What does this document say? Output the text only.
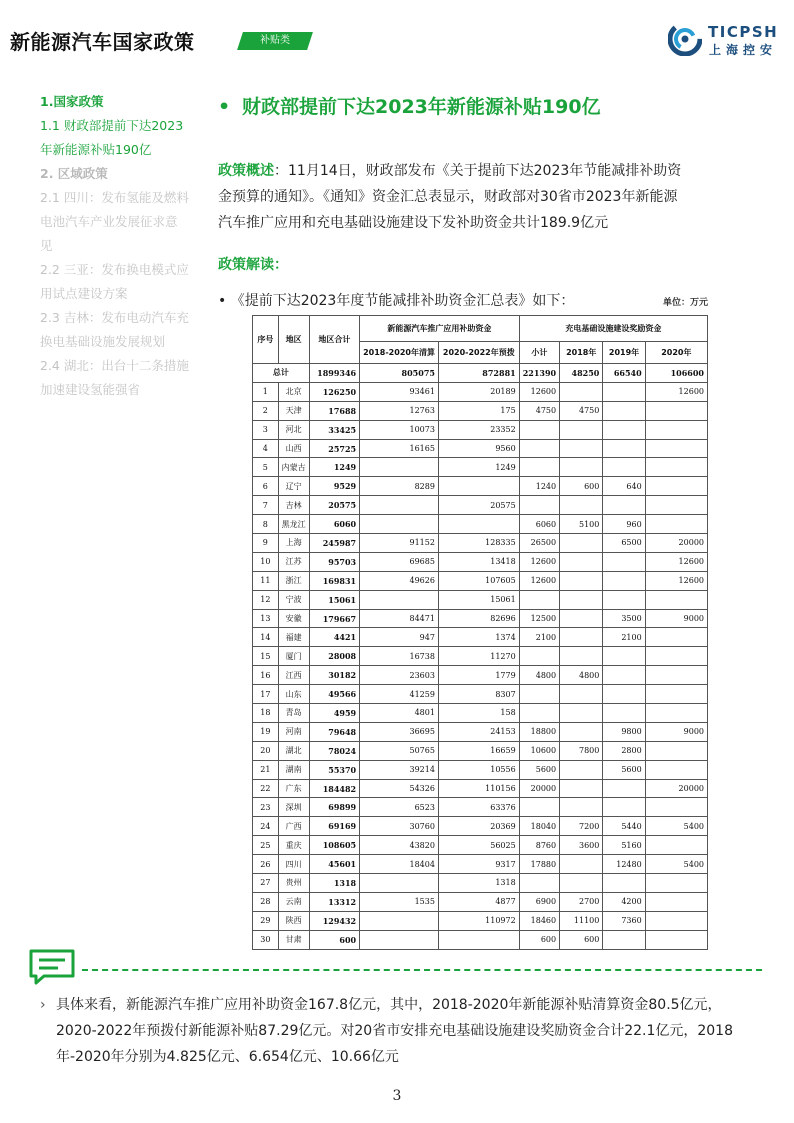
新能源汽车国家政策	补贴类	TICPSH
上海控安
1.国家政策
1.1 财政部提前下达2023
年新能源补贴190亿
2. 区域政策
2.1 四川：发布氢能及燃料
电池汽车产业发展征求意
见
2.2 三亚：发布换电模式应
用试点建设方案
2.3 吉林：发布电动汽车充
换电基础设施发展规划
2.4 湖北：出台十二条措施
加速建设氢能强省
• 财政部提前下达2023年新能源补贴190亿
政策概述：11月14日，财政部发布《关于提前下达2023年节能减排补助资
金预算的通知》。《通知》资金汇总表显示，财政部对30省市2023年新能源
汽车推广应用和充电基础设施建设下发补助资金共计189.9亿元
政策解读：
• 《提前下达2023年度节能减排补助资金汇总表》如下：	单位：万元
序号	地区	地区合计	新能源汽车推广应用补助资金		充电基础设施建设奖励资金			
			2018-2020年清算	2020-2022年预拨	小计	2018年	2019年	2020年
总计		1899346	805075	872881	221390	48250	66540	106600
1	北京	126250	93461	20189	12600			12600
2	天津	17688	12763	175	4750	4750		
3	河北	33425	10073	23352				
4	山西	25725	16165	9560				
5	内蒙古	1249		1249				
6	辽宁	9529	8289		1240	600	640	
7	吉林	20575		20575				
8	黑龙江	6060			6060	5100	960	
9	上海	245987	91152	128335	26500		6500	20000
10	江苏	95703	69685	13418	12600			12600
11	浙江	169831	49626	107605	12600			12600
12	宁波	15061		15061				
13	安徽	179667	84471	82696	12500		3500	9000
14	福建	4421	947	1374	2100		2100	
15	厦门	28008	16738	11270				
16	江西	30182	23603	1779	4800	4800		
17	山东	49566	41259	8307				
18	青岛	4959	4801	158				
19	河南	79648	36695	24153	18800		9800	9000
20	湖北	78024	50765	16659	10600	7800	2800	
21	湖南	55370	39214	10556	5600		5600	
22	广东	184482	54326	110156	20000			20000
23	深圳	69899	6523	63376				
24	广西	69169	30760	20369	18040	7200	5440	5400
25	重庆	108605	43820	56025	8760	3600	5160	
26	四川	45601	18404	9317	17880		12480	5400
27	贵州	1318		1318				
28	云南	13312	1535	4877	6900	2700	4200	
29	陕西	129432		110972	18460	11100	7360	
30	甘肃	600			600	600		
› 具体来看，新能源汽车推广应用补助资金167.8亿元，其中，2018-2020年新能源补贴清算资金80.5亿元，2020-2022年预拨付新能源补贴87.29亿元。对20省市安排充电基础设施建设奖励资金合计22.1亿元，2018年-2020年分别为4.825亿元、6.654亿元、10.66亿元
3
